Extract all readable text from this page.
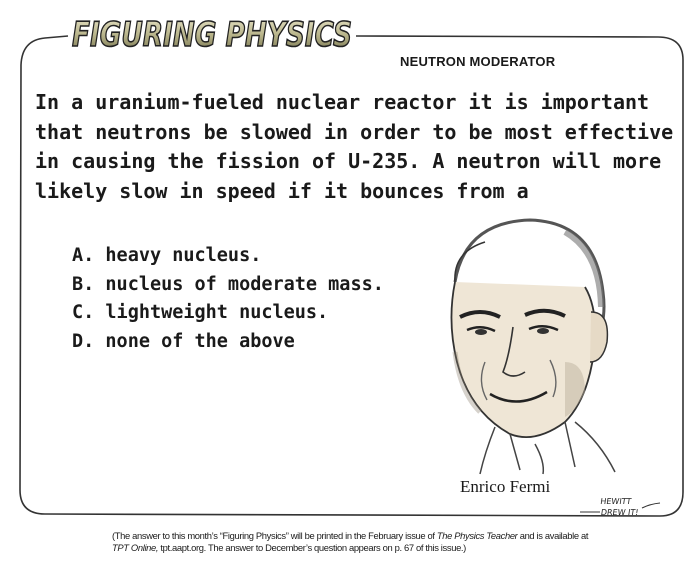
FIGURING PHYSICS
NEUTRON MODERATOR
In a uranium-fueled nuclear reactor it is important
that neutrons be slowed in order to be most effective
in causing the fission of U-235. A neutron will more
likely slow in speed if it bounces from a
A. heavy nucleus.
B. nucleus of moderate mass.
C. lightweight nucleus.
D. none of the above
Enrico Fermi
HEWITT
DREW IT!
(The answer to this month’s “Figuring Physics” will be printed in the February issue of The Physics Teacher and is available at
TPT Online, tpt.aapt.org. The answer to December’s question appears on p. 67 of this issue.)
